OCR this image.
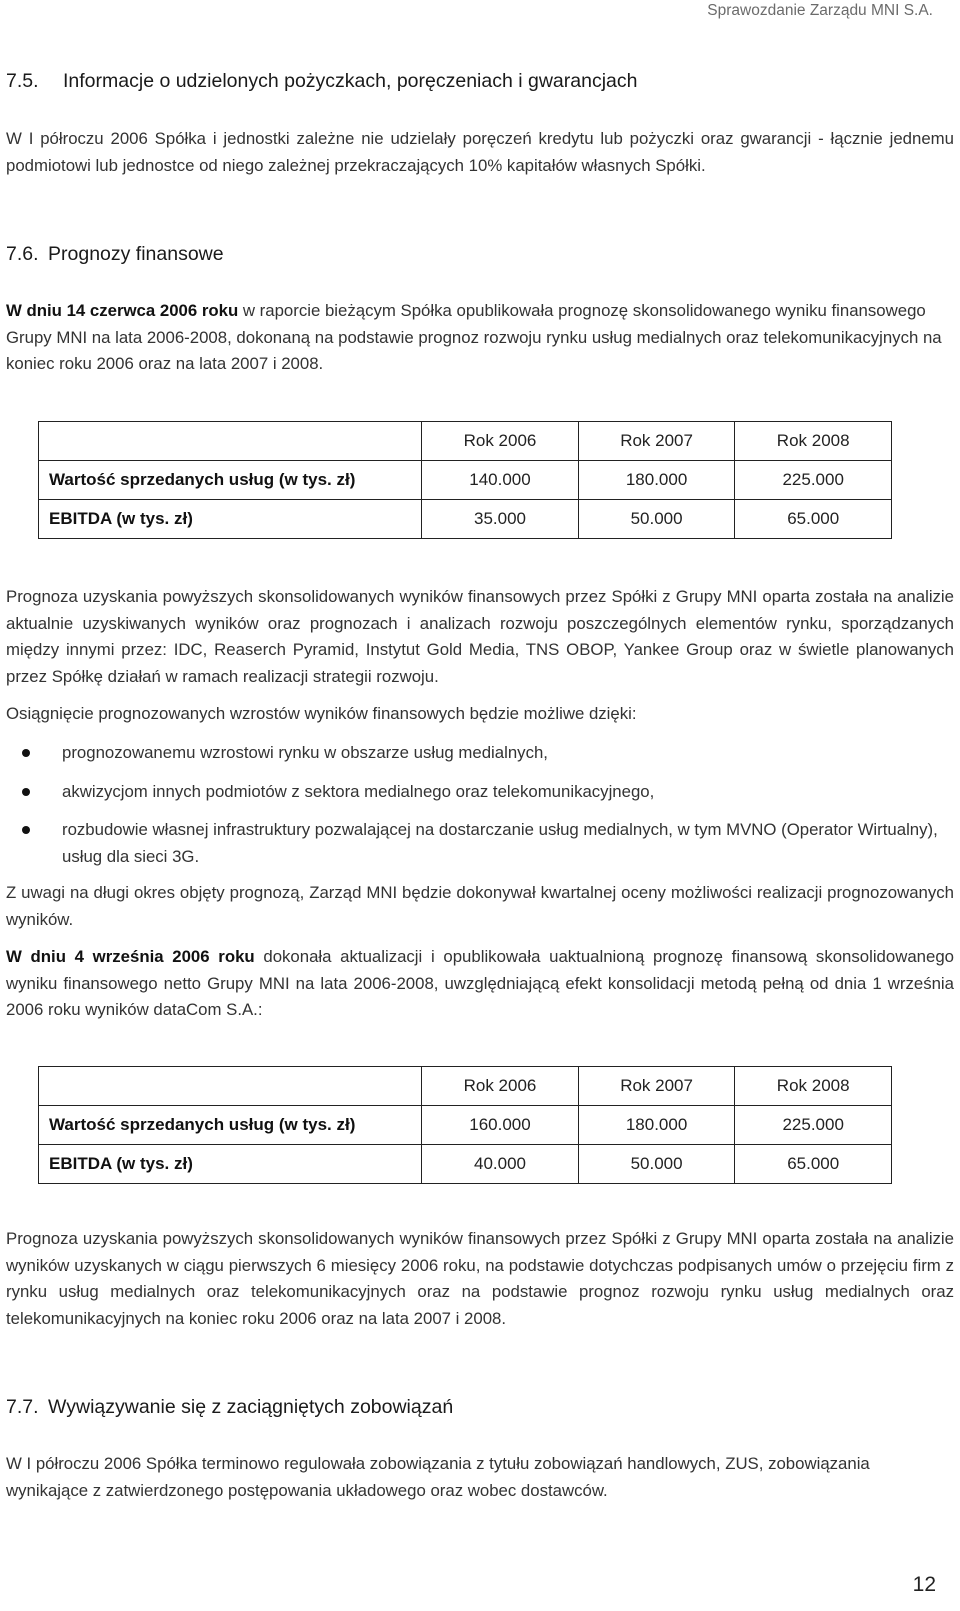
Sprawozdanie Zarządu MNI S.A.
7.5. Informacje o udzielonych pożyczkach, poręczeniach i gwarancjach
W I półroczu 2006 Spółka i jednostki zależne nie udzielały poręczeń kredytu lub pożyczki oraz gwarancji - łącznie jednemu podmiotowi lub jednostce od niego zależnej przekraczających 10% kapitałów własnych Spółki.
7.6. Prognozy finansowe
W dniu 14 czerwca 2006 roku w raporcie bieżącym Spółka opublikowała prognozę skonsolidowanego wyniku finansowego Grupy MNI na lata 2006-2008, dokonaną na podstawie prognoz rozwoju rynku usług medialnych oraz telekomunikacyjnych na koniec roku 2006 oraz na lata 2007 i 2008.
	Rok 2006	Rok 2007	Rok 2008
Wartość sprzedanych usług (w tys. zł)	140.000	180.000	225.000
EBITDA (w tys. zł)	35.000	50.000	65.000
Prognoza uzyskania powyższych skonsolidowanych wyników finansowych przez Spółki z Grupy MNI oparta została na analizie aktualnie uzyskiwanych wyników oraz prognozach i analizach rozwoju poszczególnych elementów rynku, sporządzanych między innymi przez: IDC, Reaserch Pyramid, Instytut Gold Media, TNS OBOP, Yankee Group oraz w świetle planowanych przez Spółkę działań w ramach realizacji strategii rozwoju.
Osiągnięcie prognozowanych wzrostów wyników finansowych będzie możliwe dzięki:
prognozowanemu wzrostowi rynku w obszarze usług medialnych,
akwizycjom innych podmiotów z sektora medialnego oraz telekomunikacyjnego,
rozbudowie własnej infrastruktury pozwalającej na dostarczanie usług medialnych, w tym MVNO (Operator Wirtualny), usług dla sieci 3G.
Z uwagi na długi okres objęty prognozą, Zarząd MNI będzie dokonywał kwartalnej oceny możliwości realizacji prognozowanych wyników.
W dniu 4 września 2006 roku dokonała aktualizacji i opublikowała uaktualnioną prognozę finansową skonsolidowanego wyniku finansowego netto Grupy MNI na lata 2006-2008, uwzględniającą efekt konsolidacji metodą pełną od dnia 1 września 2006 roku wyników dataCom S.A.:
	Rok 2006	Rok 2007	Rok 2008
Wartość sprzedanych usług (w tys. zł)	160.000	180.000	225.000
EBITDA (w tys. zł)	40.000	50.000	65.000
Prognoza uzyskania powyższych skonsolidowanych wyników finansowych przez Spółki z Grupy MNI oparta została na analizie wyników uzyskanych w ciągu pierwszych 6 miesięcy 2006 roku, na podstawie dotychczas podpisanych umów o przejęciu firm z rynku usług medialnych oraz telekomunikacyjnych oraz na podstawie prognoz rozwoju rynku usług medialnych oraz telekomunikacyjnych na koniec roku 2006 oraz na lata 2007 i 2008.
7.7. Wywiązywanie się z zaciągniętych zobowiązań
W I półroczu 2006 Spółka terminowo regulowała zobowiązania z tytułu zobowiązań handlowych, ZUS, zobowiązania wynikające z zatwierdzonego postępowania układowego oraz wobec dostawców.
12
